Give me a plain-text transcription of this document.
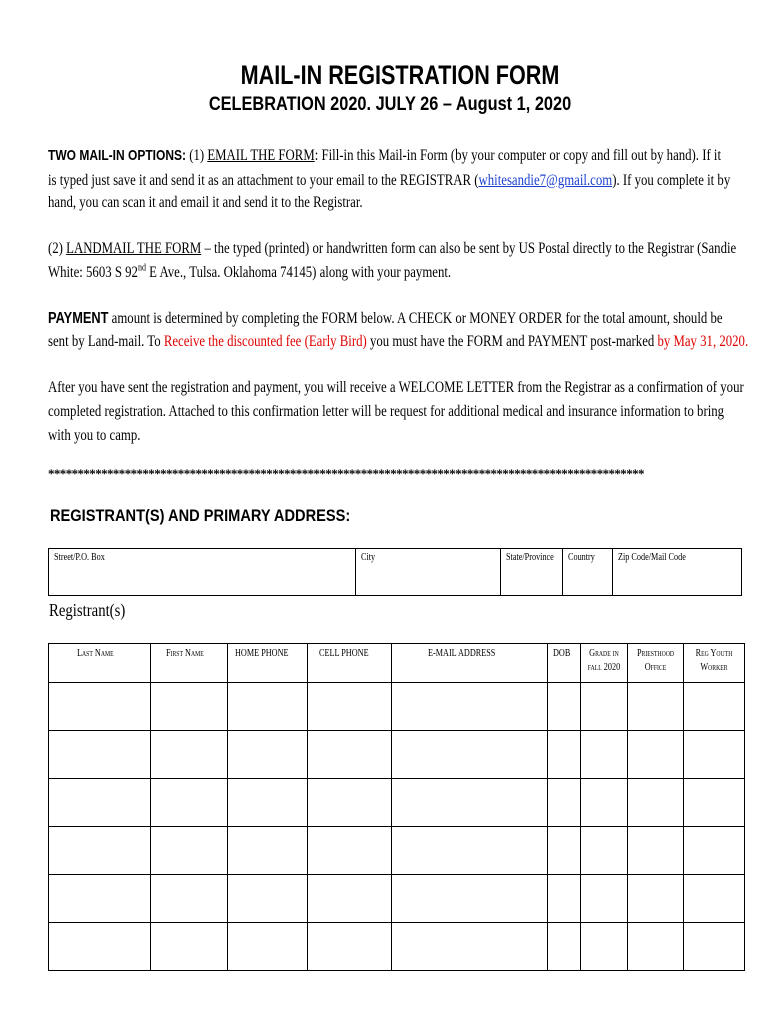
MAIL-IN REGISTRATION FORM
CELEBRATION 2020. JULY 26 – August 1, 2020
TWO MAIL-IN OPTIONS: (1) EMAIL THE FORM: Fill-in this Mail-in Form (by your computer or copy and fill out by hand). If it
is typed just save it and send it as an attachment to your email to the REGISTRAR (whitesandie7@gmail.com). If you complete it by
hand, you can scan it and email it and send it to the Registrar.
(2) LANDMAIL THE FORM – the typed (printed) or handwritten form can also be sent by US Postal directly to the Registrar (Sandie
White: 5603 S 92nd E Ave., Tulsa. Oklahoma 74145) along with your payment.
PAYMENT amount is determined by completing the FORM below. A CHECK or MONEY ORDER for the total amount, should be
sent by Land-mail. To Receive the discounted fee (Early Bird) you must have the FORM and PAYMENT post-marked by May 31, 2020.
After you have sent the registration and payment, you will receive a WELCOME LETTER from the Registrar as a confirmation of your
completed registration. Attached to this confirmation letter will be request for additional medical and insurance information to bring
with you to camp.
*****************************************************************************************************
REGISTRANT(S) AND PRIMARY ADDRESS:
Street/P.O. Box	City	State/Province	Country	Zip Code/Mail Code
Registrant(s)
Last Name	First Name	HOME PHONE	CELL PHONE	E-MAIL ADDRESS	DOB	Grade in fall 2020	Priesthood Office	Reg Youth Worker
